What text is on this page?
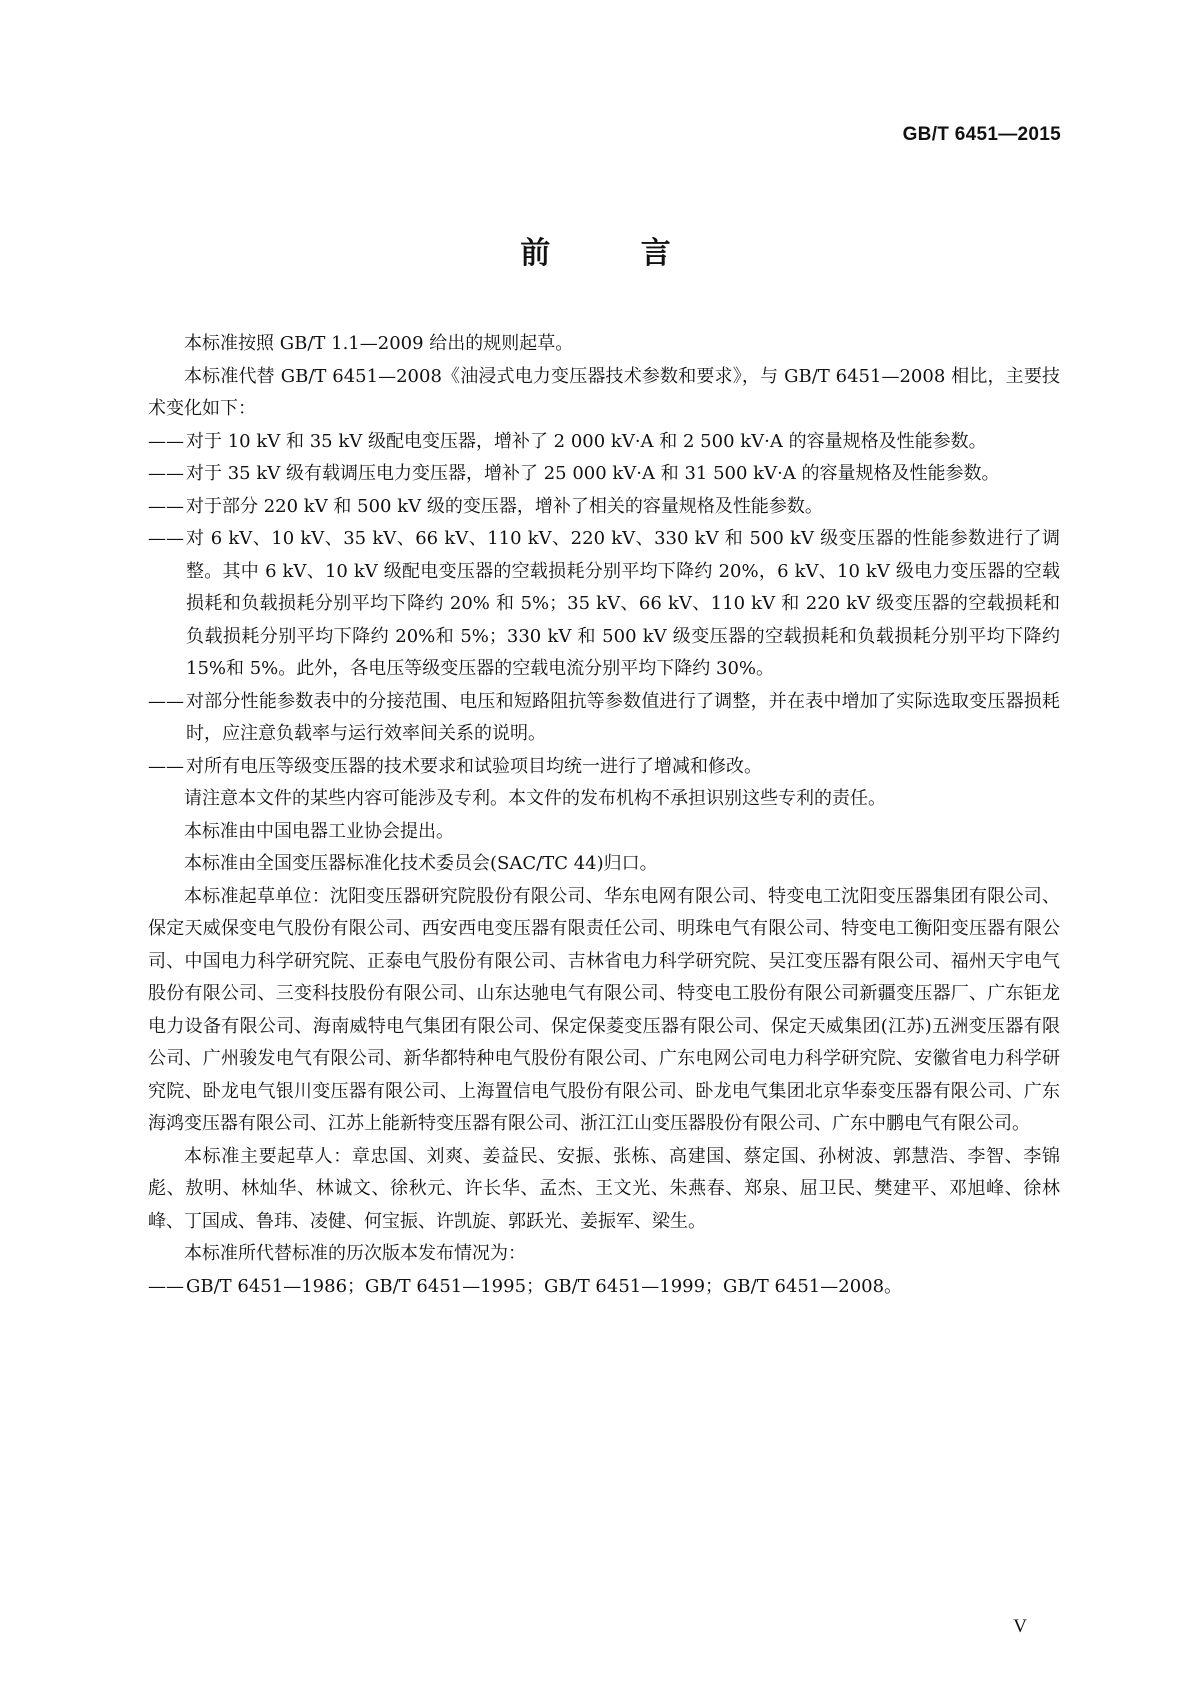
GB/T 6451—2015
前 言

本标准按照 GB/T 1.1—2009 给出的规则起草。

本标准代替 GB/T 6451—2008《油浸式电力变压器技术参数和要求》，与 GB/T 6451—2008 相比，主要技术变化如下：

—— 对于 10 kV 和 35 kV 级配电变压器，增补了 2 000 kV·A 和 2 500 kV·A 的容量规格及性能参数。
—— 对于 35 kV 级有载调压电力变压器，增补了 25 000 kV·A 和 31 500 kV·A 的容量规格及性能参数。
—— 对于部分 220 kV 和 500 kV 级的变压器，增补了相关的容量规格及性能参数。
—— 对 6 kV、10 kV、35 kV、66 kV、110 kV、220 kV、330 kV 和 500 kV 级变压器的性能参数进行了调整。其中 6 kV、10 kV 级配电变压器的空载损耗分别平均下降约 20%，6 kV、10 kV 级电力变压器的空载损耗和负载损耗分别平均下降约 20% 和 5%；35 kV、66 kV、110 kV 和 220 kV 级变压器的空载损耗和负载损耗分别平均下降约 20%和 5%；330 kV 和 500 kV 级变压器的空载损耗和负载损耗分别平均下降约 15%和 5%。此外，各电压等级变压器的空载电流分别平均下降约 30%。
—— 对部分性能参数表中的分接范围、电压和短路阻抗等参数值进行了调整，并在表中增加了实际选取变压器损耗时，应注意负载率与运行效率间关系的说明。
—— 对所有电压等级变压器的技术要求和试验项目均统一进行了增减和修改。

请注意本文件的某些内容可能涉及专利。本文件的发布机构不承担识别这些专利的责任。

本标准由中国电器工业协会提出。

本标准由全国变压器标准化技术委员会(SAC/TC 44)归口。

本标准起草单位：沈阳变压器研究院股份有限公司、华东电网有限公司、特变电工沈阳变压器集团有限公司、保定天威保变电气股份有限公司、西安西电变压器有限责任公司、明珠电气有限公司、特变电工衡阳变压器有限公司、中国电力科学研究院、正泰电气股份有限公司、吉林省电力科学研究院、吴江变压器有限公司、福州天宇电气股份有限公司、三变科技股份有限公司、山东达驰电气有限公司、特变电工股份有限公司新疆变压器厂、广东钜龙电力设备有限公司、海南威特电气集团有限公司、保定保菱变压器有限公司、保定天威集团(江苏)五洲变压器有限公司、广州骏发电气有限公司、新华都特种电气股份有限公司、广东电网公司电力科学研究院、安徽省电力科学研究院、卧龙电气银川变压器有限公司、上海置信电气股份有限公司、卧龙电气集团北京华泰变压器有限公司、广东海鸿变压器有限公司、江苏上能新特变压器有限公司、浙江江山变压器股份有限公司、广东中鹏电气有限公司。

本标准主要起草人：章忠国、刘爽、姜益民、安振、张栋、高建国、蔡定国、孙树波、郭慧浩、李智、李锦彪、敖明、林灿华、林诚文、徐秋元、许长华、孟杰、王文光、朱燕春、郑泉、屈卫民、樊建平、邓旭峰、徐林峰、丁国成、鲁玮、凌健、何宝振、许凯旋、郭跃光、姜振军、梁生。

本标准所代替标准的历次版本发布情况为：

—— GB/T 6451—1986；GB/T 6451—1995；GB/T 6451—1999；GB/T 6451—2008。
V
